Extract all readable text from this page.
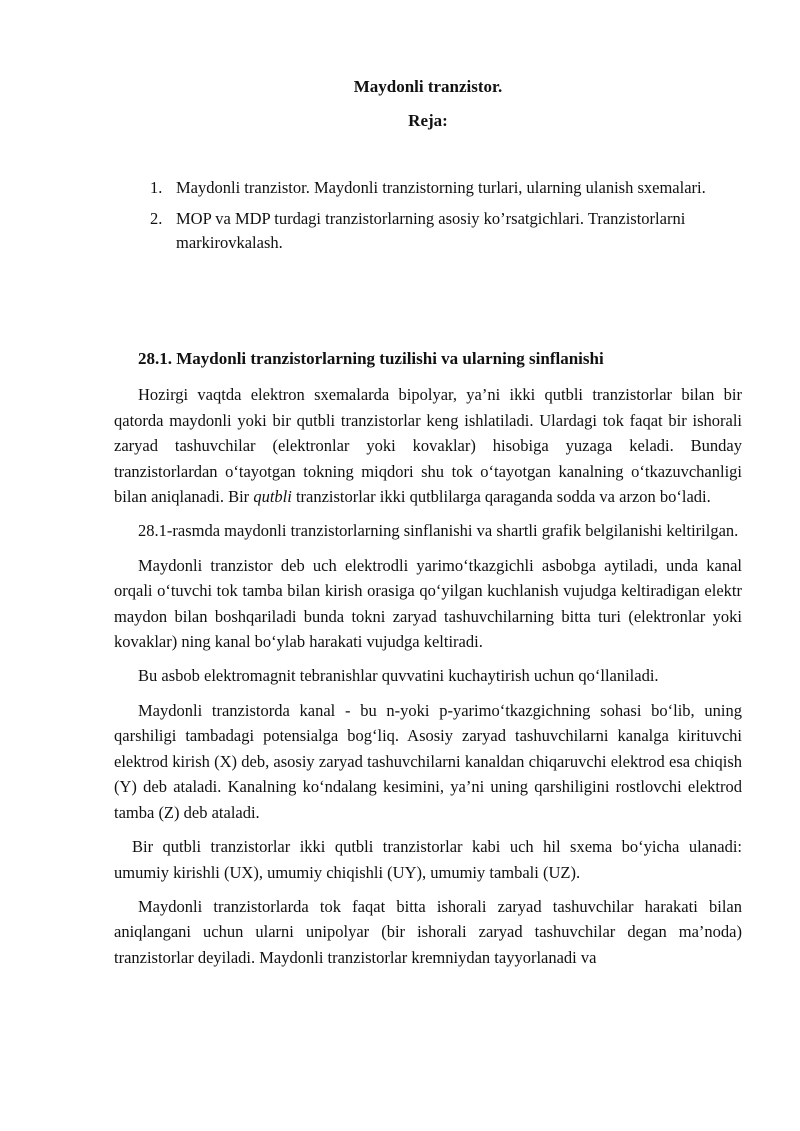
Maydonli tranzistor.
Reja:
1. Maydonli tranzistor. Maydonli tranzistorning turlari, ularning ulanish sxemalari.
2. MOP va MDP turdagi tranzistorlarning asosiy ko’rsatgichlari. Tranzistorlarni markirovkalash.
28.1. Maydonli tranzistorlarning tuzilishi va ularning sinflanishi

Hozirgi vaqtda elektron sxemalarda bipolyar, ya’ni ikki qutbli tranzistorlar bilan bir qatorda maydonli yoki bir qutbli tranzistorlar keng ishlatiladi. Ulardagi tok faqat bir ishorali zaryad tashuvchilar (elektronlar yoki kovaklar) hisobiga yuzaga keladi. Bunday tranzistorlardan o‘tayotgan tokning miqdori shu tok o‘tayotgan kanalning o‘tkazuvchanligi bilan aniqlanadi. Bir qutbli tranzistorlar ikki qutblilarga qaraganda sodda va arzon bo‘ladi.

28.1-rasmda maydonli tranzistorlarning sinflanishi va shartli grafik belgilanishi keltirilgan.

Maydonli tranzistor deb uch elektrodli yarimo‘tkazgichli asbobga aytiladi, unda kanal orqali o‘tuvchi tok tamba bilan kirish orasiga qo‘yilgan kuchlanish vujudga keltiradigan elektr maydon bilan boshqariladi bunda tokni zaryad tashuvchilarning bitta turi (elektronlar yoki kovaklar) ning kanal bo‘ylab harakati vujudga keltiradi.

Bu asbob elektromagnit tebranishlar quvvatini kuchaytirish uchun qo‘llaniladi.

Maydonli tranzistorda kanal - bu n-yoki p-yarimo‘tkazgichning sohasi bo‘lib, uning qarshiligi tambadagi potensialga bog‘liq. Asosiy zaryad tashuvchilarni kanalga kirituvchi elektrod kirish (X) deb, asosiy zaryad tashuvchilarni kanaldan chiqaruvchi elektrod esa chiqish (Y) deb ataladi. Kanalning ko‘ndalang kesimini, ya’ni uning qarshiligini rostlovchi elektrod tamba (Z) deb ataladi.

Bir qutbli tranzistorlar ikki qutbli tranzistorlar kabi uch hil sxema bo‘yicha ulanadi: umumiy kirishli (UX), umumiy chiqishli (UY), umumiy tambali (UZ).

Maydonli tranzistorlarda tok faqat bitta ishorali zaryad tashuvchilar harakati bilan aniqlangani uchun ularni unipolyar (bir ishorali zaryad tashuvchilar degan ma’noda) tranzistorlar deyiladi. Maydonli tranzistorlar kremniydan tayyorlanadi va
